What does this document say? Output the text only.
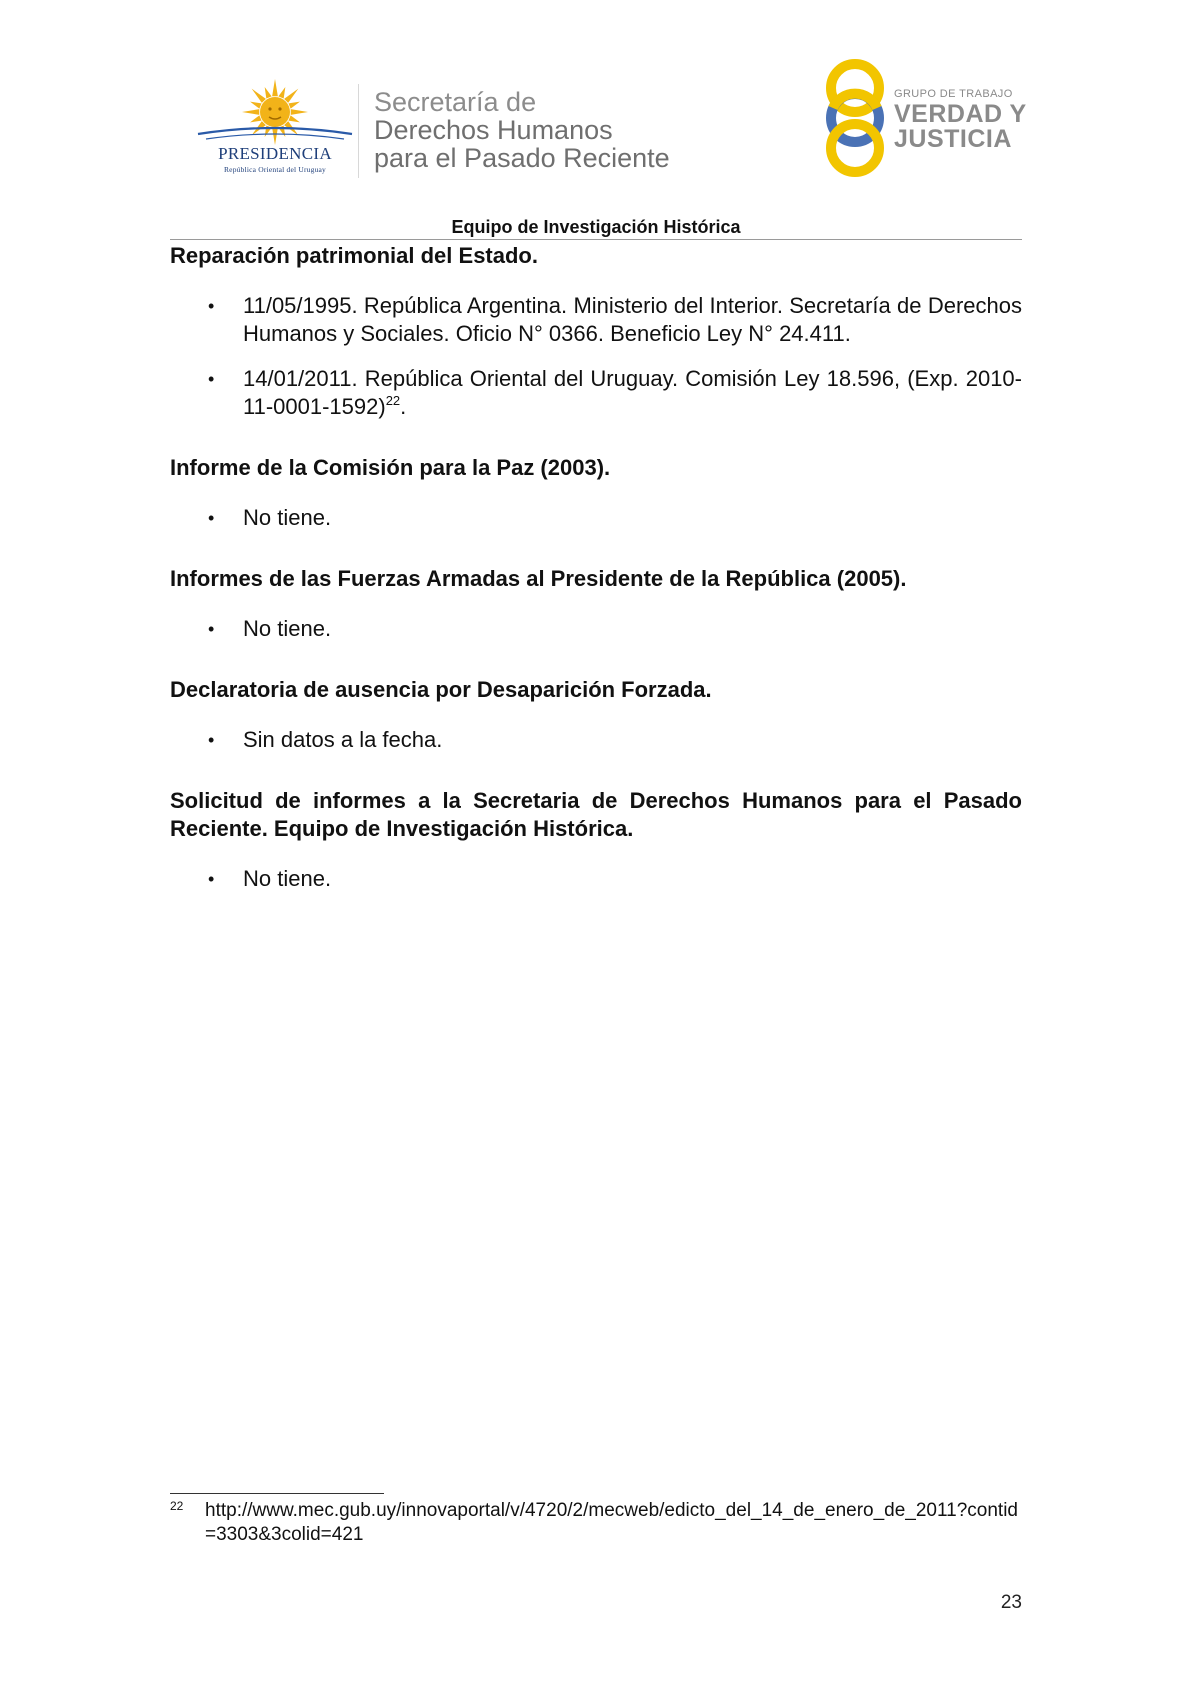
PRESIDENCIA
República Oriental del Uruguay
Secretaría de
Derechos Humanos
para el Pasado Reciente
GRUPO DE TRABAJO
VERDAD Y
JUSTICIA
Equipo de Investigación Histórica

Reparación patrimonial del Estado.

• 11/05/1995. República Argentina. Ministerio del Interior. Secretaría de Derechos Humanos y Sociales. Oficio N° 0366. Beneficio Ley N° 24.411.
• 14/01/2011. República Oriental del Uruguay. Comisión Ley 18.596, (Exp. 2010-11-0001-1592)$^{22}$.

Informe de la Comisión para la Paz (2003).

• No tiene.

Informes de las Fuerzas Armadas al Presidente de la República (2005).

• No tiene.

Declaratoria de ausencia por Desaparición Forzada.

• Sin datos a la fecha.

Solicitud de informes a la Secretaria de Derechos Humanos para el Pasado Reciente. Equipo de Investigación Histórica.

• No tiene.
22 http://www.mec.gub.uy/innovaportal/v/4720/2/mecweb/edicto_del_14_de_enero_de_2011?contid=3303&3colid=421
23
